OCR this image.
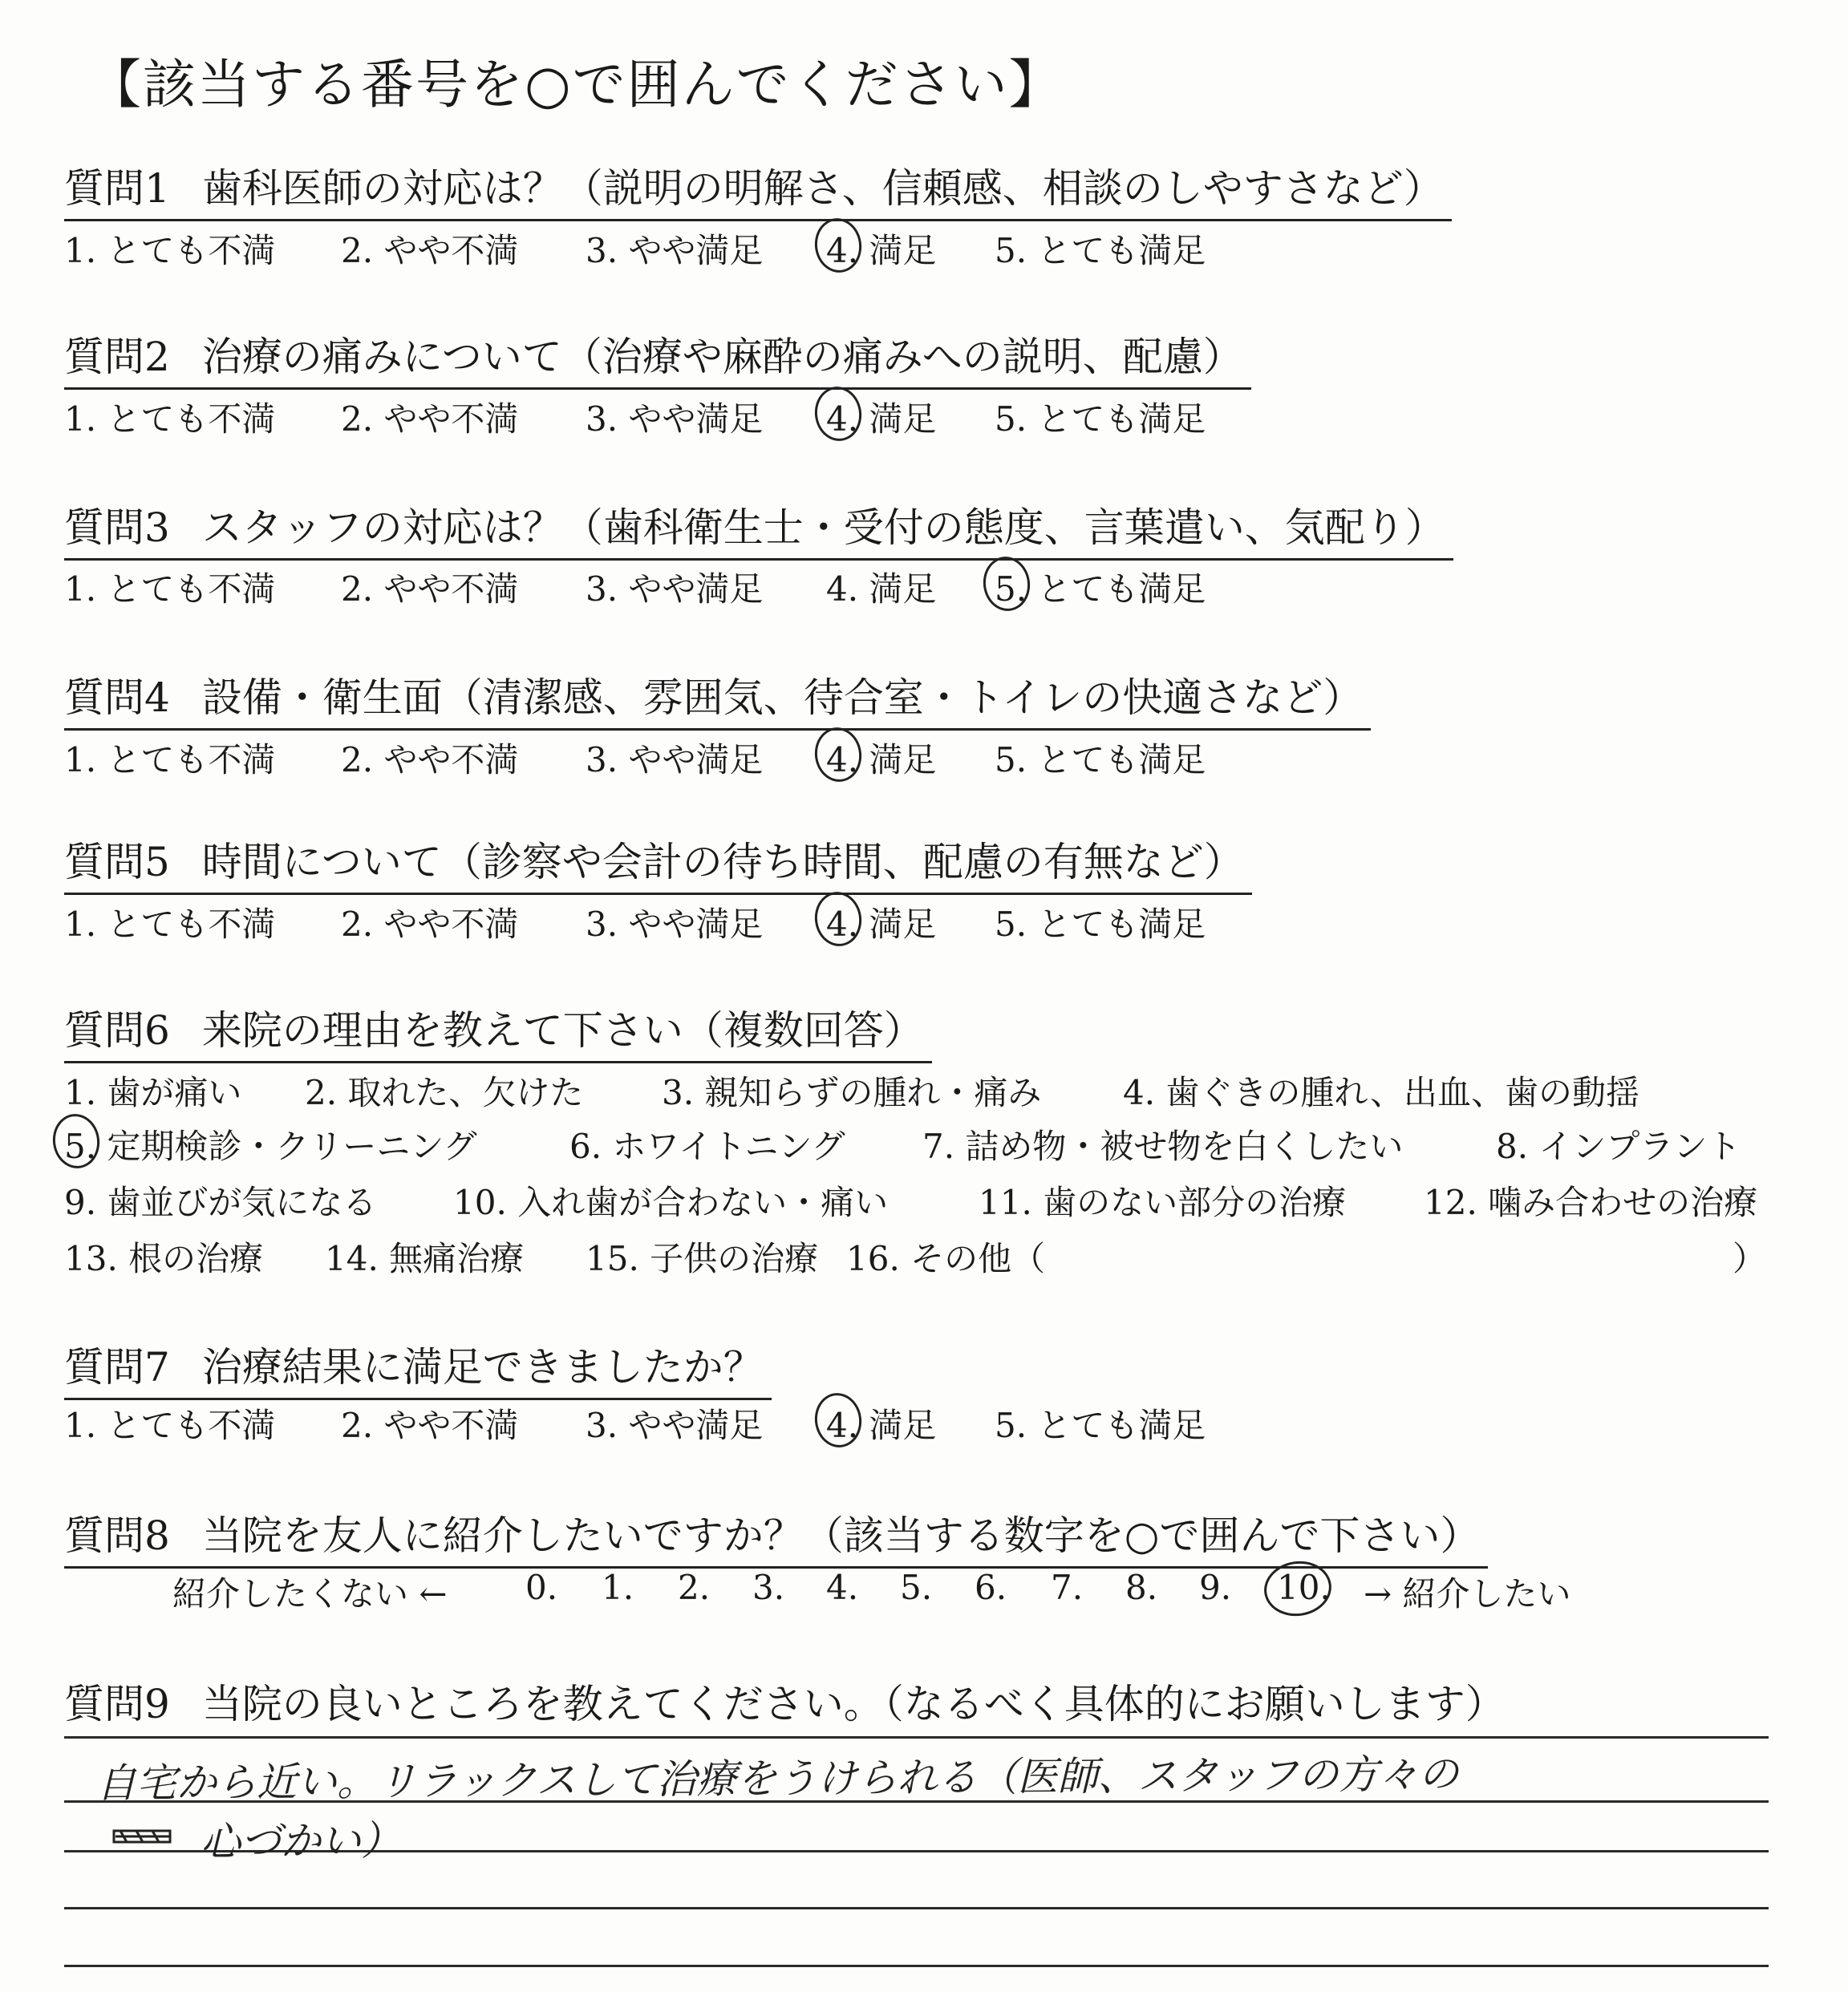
【該当する番号を○で囲んでください】
質問1 歯科医師の対応は？（説明の明解さ、信頼感、相談のしやすさなど）
1. とても不満 2. やや不満 3. やや満足 4. 満足 5. とても満足
質問2 治療の痛みについて（治療や麻酔の痛みへの説明、配慮）
1. とても不満 2. やや不満 3. やや満足 4. 満足 5. とても満足
質問3 スタッフの対応は？（歯科衛生士・受付の態度、言葉遣い、気配り）
1. とても不満 2. やや不満 3. やや満足 4. 満足 5. とても満足
質問4 設備・衛生面（清潔感、雰囲気、待合室・トイレの快適さなど）
1. とても不満 2. やや不満 3. やや満足 4. 満足 5. とても満足
質問5 時間について（診察や会計の待ち時間、配慮の有無など）
1. とても不満 2. やや不満 3. やや満足 4. 満足 5. とても満足
質問6 来院の理由を教えて下さい（複数回答）
1. 歯が痛い 2. 取れた、欠けた 3. 親知らずの腫れ・痛み 4. 歯ぐきの腫れ、出血、歯の動揺
5. 定期検診・クリーニング	6. ホワイトニング 7. 詰め物・被せ物を白くしたい	8. インプラント
9. 歯並びが気になる 10. 入れ歯が合わない・痛い	11. 歯のない部分の治療 12. 噛み合わせの治療
13. 根の治療 14. 無痛治療 15. 子供の治療 16. その他（	）
質問7 治療結果に満足できましたか？
1. とても不満 2. やや不満 3. やや満足 4. 満足 5. とても満足
質問8 当院を友人に紹介したいですか？（該当する数字を○で囲んで下さい）
紹介したくない ← 0. 1. 2. 3. 4. 5. 6. 7. 8. 9. 10. → 紹介したい
質問9 当院の良いところを教えてください。（なるべく具体的にお願いします）
自宅から近い。リラックスして治療をうけられる（医師、スタッフの方々の
心づかい）
